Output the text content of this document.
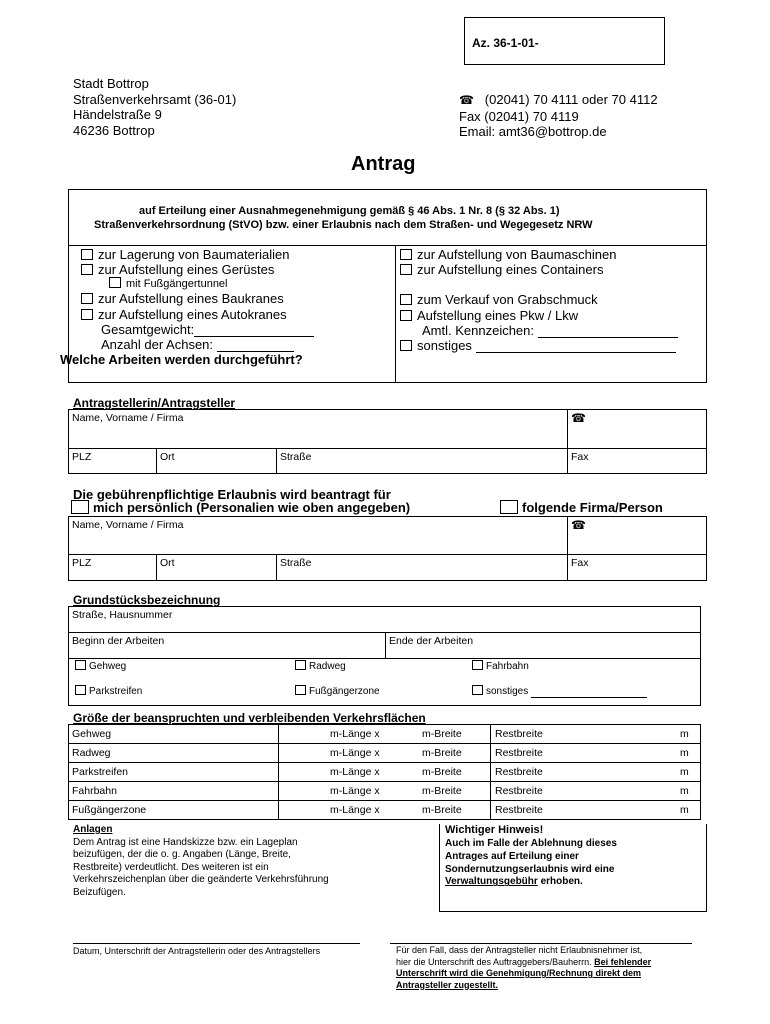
Az. 36-1-01-
Stadt Bottrop
Straßenverkehrsamt (36-01)
Händelstraße 9
46236 Bottrop
☎ (02041) 70 4111 oder 70 4112
Fax (02041) 70 4119
Email: amt36@bottrop.de
Antrag
auf Erteilung einer Ausnahmegenehmigung gemäß § 46 Abs. 1 Nr. 8 (§ 32 Abs. 1)
Straßenverkehrsordnung (StVO) bzw. einer Erlaubnis nach dem Straßen- und Wegegesetz NRW
zur Lagerung von Baumaterialien
zur Aufstellung eines Gerüstes
mit Fußgängertunnel
zur Aufstellung eines Baukranes
zur Aufstellung eines Autokranes
Gesamtgewicht:
Anzahl der Achsen:
Welche Arbeiten werden durchgeführt?
zur Aufstellung von Baumaschinen
zur Aufstellung eines Containers
zum Verkauf von Grabschmuck
Aufstellung eines Pkw / Lkw
Amtl. Kennzeichen:
sonstiges
Antragstellerin/Antragsteller
Name, Vorname / Firma	☎
PLZ	Ort	Straße	Fax
Die gebührenpflichtige Erlaubnis wird beantragt für
mich persönlich (Personalien wie oben angegeben)	folgende Firma/Person
Name, Vorname / Firma	☎
PLZ	Ort	Straße	Fax
Grundstücksbezeichnung
Straße, Hausnummer
Beginn der Arbeiten	Ende der Arbeiten
Gehweg	Radweg	Fahrbahn
Parkstreifen	Fußgängerzone	sonstiges
Größe der beanspruchten und verbleibenden Verkehrsflächen
Gehweg	m-Länge x	m-Breite	Restbreite	m
Radweg	m-Länge x	m-Breite	Restbreite	m
Parkstreifen	m-Länge x	m-Breite	Restbreite	m
Fahrbahn	m-Länge x	m-Breite	Restbreite	m
Fußgängerzone	m-Länge x	m-Breite	Restbreite	m
Anlagen
Dem Antrag ist eine Handskizze bzw. ein Lageplan
beizufügen, der die o. g. Angaben (Länge, Breite,
Restbreite) verdeutlicht. Des weiteren ist ein
Verkehrszeichenplan über die geänderte Verkehrsführung
Beizufügen.
Wichtiger Hinweis!
Auch im Falle der Ablehnung dieses
Antrages auf Erteilung einer
Sondernutzungserlaubnis wird eine
Verwaltungsgebühr erhoben.
Datum, Unterschrift der Antragstellerin oder des Antragstellers	Für den Fall, dass der Antragsteller nicht Erlaubnisnehmer ist,
hier die Unterschrift des Auftraggebers/Bauherrn. Bei fehlender
Unterschrift wird die Genehmigung/Rechnung direkt dem
Antragsteller zugestellt.
